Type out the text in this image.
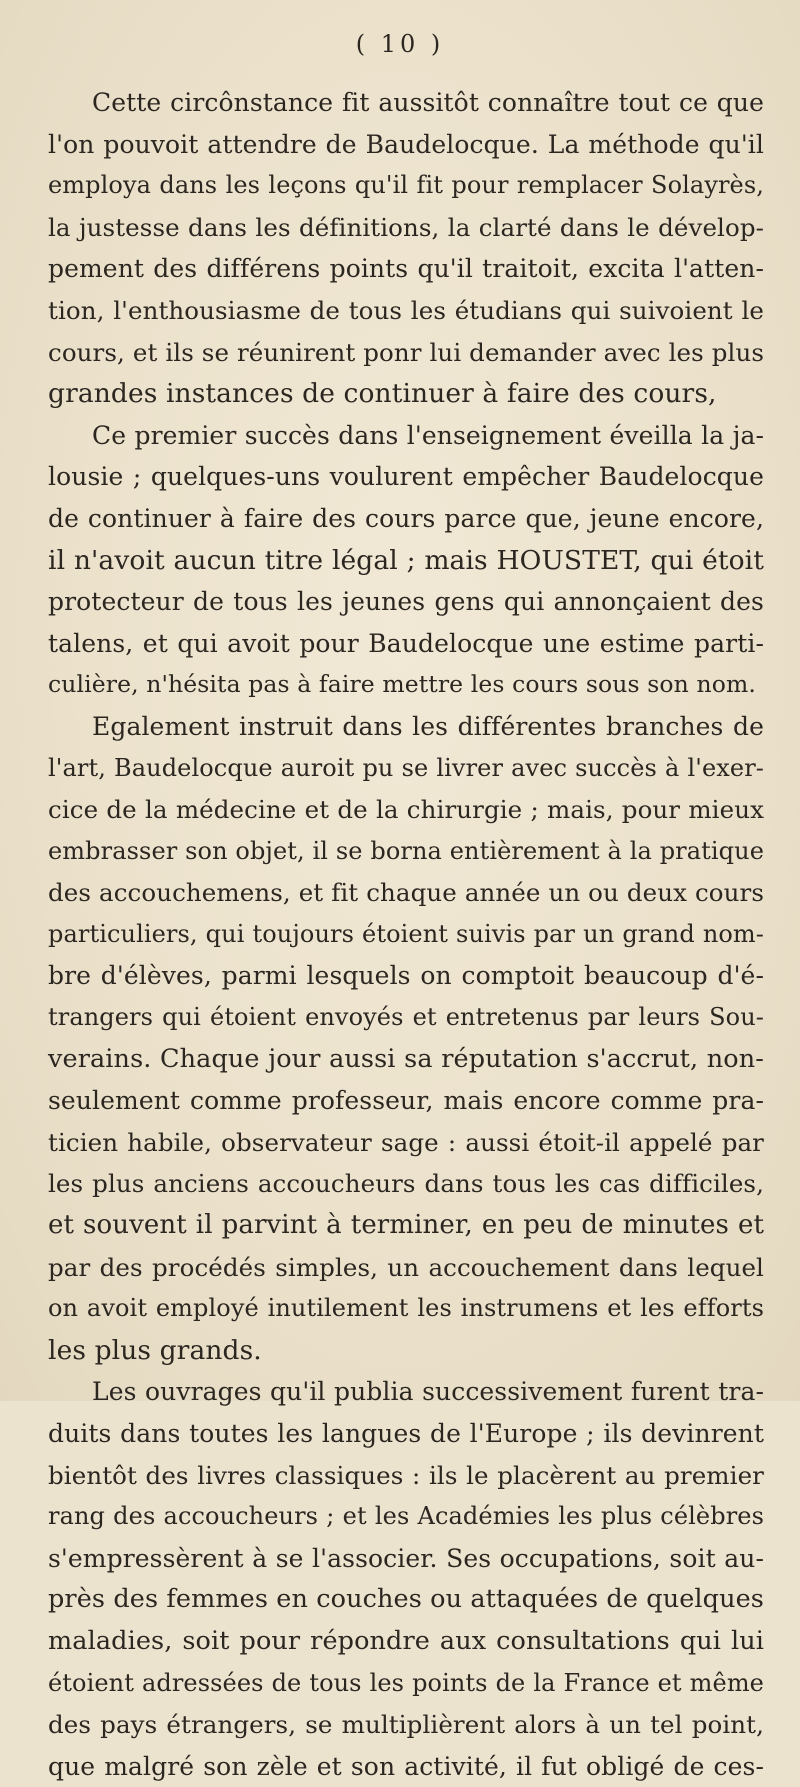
( 10 )
Cette circônstance fit aussitôt connaître tout ce que
l'on pouvoit attendre de Baudelocque. La méthode qu'il
employa dans les leçons qu'il fit pour remplacer Solayrès,
la justesse dans les définitions, la clarté dans le dévelop-
pement des différens points qu'il traitoit, excita l'atten-
tion, l'enthousiasme de tous les étudians qui suivoient le
cours, et ils se réunirent ponr lui demander avec les plus
grandes instances de continuer à faire des cours,
Ce premier succès dans l'enseignement éveilla la ja-
lousie ; quelques-uns voulurent empêcher Baudelocque
de continuer à faire des cours parce que, jeune encore,
il n'avoit aucun titre légal ; mais HOUSTET, qui étoit
protecteur de tous les jeunes gens qui annonçaient des
talens, et qui avoit pour Baudelocque une estime parti-
culière, n'hésita pas à faire mettre les cours sous son nom.
Egalement instruit dans les différentes branches de
l'art, Baudelocque auroit pu se livrer avec succès à l'exer-
cice de la médecine et de la chirurgie ; mais, pour mieux
embrasser son objet, il se borna entièrement à la pratique
des accouchemens, et fit chaque année un ou deux cours
particuliers, qui toujours étoient suivis par un grand nom-
bre d'élèves, parmi lesquels on comptoit beaucoup d'é-
trangers qui étoient envoyés et entretenus par leurs Sou-
verains. Chaque jour aussi sa réputation s'accrut, non-
seulement comme professeur, mais encore comme pra-
ticien habile, observateur sage : aussi étoit-il appelé par
les plus anciens accoucheurs dans tous les cas difficiles,
et souvent il parvint à terminer, en peu de minutes et
par des procédés simples, un accouchement dans lequel
on avoit employé inutilement les instrumens et les efforts
les plus grands.
Les ouvrages qu'il publia successivement furent tra-
duits dans toutes les langues de l'Europe ; ils devinrent
bientôt des livres classiques : ils le placèrent au premier
rang des accoucheurs ; et les Académies les plus célèbres
s'empressèrent à se l'associer. Ses occupations, soit au-
près des femmes en couches ou attaquées de quelques
maladies, soit pour répondre aux consultations qui lui
étoient adressées de tous les points de la France et même
des pays étrangers, se multiplièrent alors à un tel point,
que malgré son zèle et son activité, il fut obligé de ces-
